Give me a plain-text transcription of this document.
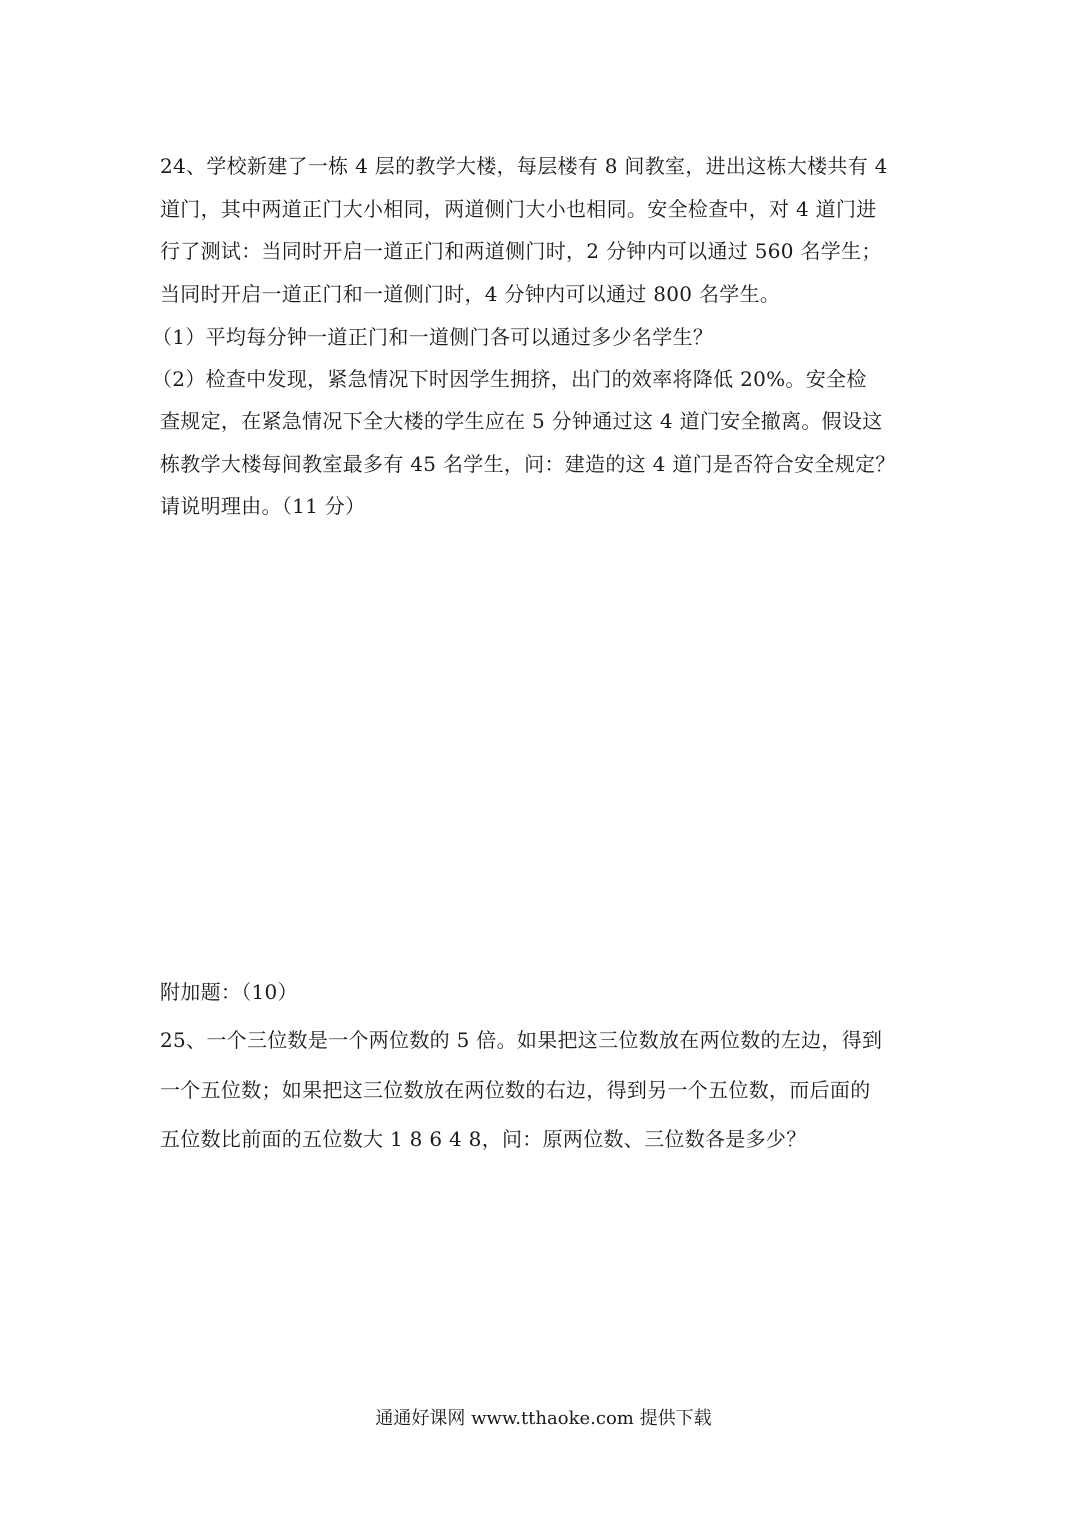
24、学校新建了一栋 4 层的教学大楼，每层楼有 8 间教室，进出这栋大楼共有 4
道门，其中两道正门大小相同，两道侧门大小也相同。安全检查中，对 4 道门进
行了测试：当同时开启一道正门和两道侧门时，2 分钟内可以通过 560 名学生；
当同时开启一道正门和一道侧门时，4 分钟内可以通过 800 名学生。
（1）平均每分钟一道正门和一道侧门各可以通过多少名学生？
（2）检查中发现，紧急情况下时因学生拥挤，出门的效率将降低 20%。安全检
查规定，在紧急情况下全大楼的学生应在 5 分钟通过这 4 道门安全撤离。假设这
栋教学大楼每间教室最多有 45 名学生，问：建造的这 4 道门是否符合安全规定？
请说明理由。（11 分）
附加题：（10）
25、一个三位数是一个两位数的 5 倍。如果把这三位数放在两位数的左边，得到
一个五位数；如果把这三位数放在两位数的右边，得到另一个五位数，而后面的
五位数比前面的五位数大 1 8 6 4 8，问：原两位数、三位数各是多少？
通通好课网 www.tthaoke.com 提供下载
